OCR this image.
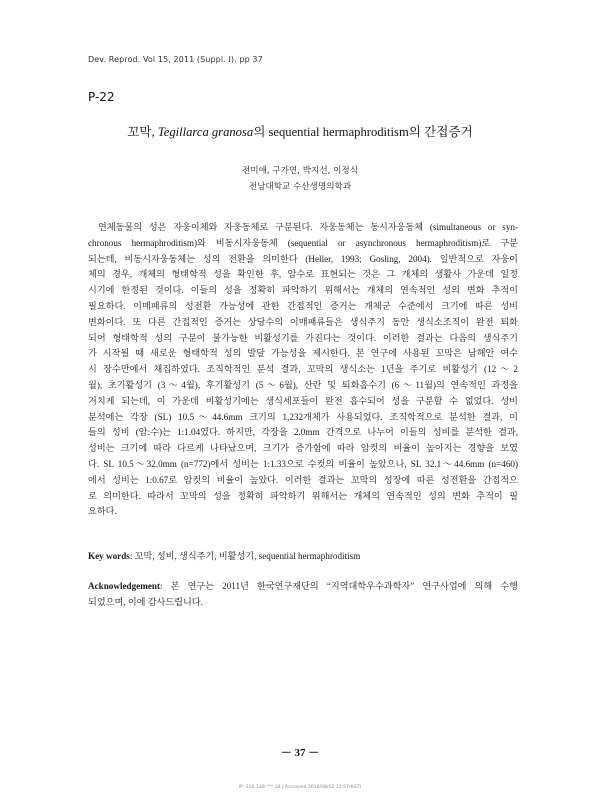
Dev. Reprod. Vol 15, 2011 (Suppl. I). pp 37
P-22
꼬막, Tegillarca granosa의 sequential hermaphroditism의 간접증거
전미애, 구가연, 박지선, 이정식
전남대학교 수산생명의학과
연체동물의 성은 자웅이체와 자웅동체로 구분된다. 자웅동체는 동시자웅동체 (simultaneous or syn-
chronous hermaphroditism)와 비동시자웅동체 (sequential or asynchronous hermaphroditism)로 구분
되는데, 비동시자웅동체는 성의 전환을 의미한다 (Heller, 1993; Gosling, 2004). 일반적으로 자웅이
체의 경우, 개체의 형태학적 성을 확인한 후, 암수로 표현되는 것은 그 개체의 생활사 가운데 일정
시기에 한정된 것이다. 이들의 성을 정확히 파악하기 위해서는 개체의 연속적인 성의 변화 추적이
필요하다. 이매패류의 성전환 가능성에 관한 간접적인 증거는 개체군 수준에서 크기에 따른 성비
변화이다. 또 다른 간접적인 증거는 상당수의 이매패류들은 생식주기 동안 생식소조직이 완전 퇴화
되어 형태학적 성의 구분이 불가능한 비활성기를 가진다는 것이다. 이러한 결과는 다음의 생식주기
가 시작될 때 새로운 형태학적 성의 발달 가능성을 제시한다. 본 연구에 사용된 꼬막은 남해안 여수
시 장수만에서 채집하였다. 조직학적인 분석 결과, 꼬막의 생식소는 1년을 주기로 비활성기 (12～2
월), 초기활성기 (3～4월), 후기활성기 (5～6월), 산란 및 퇴화흡수기 (6～11월)의 연속적인 과정을
거치게 되는데, 이 가운데 비활성기에는 생식세포들이 완전 흡수되어 성을 구분할 수 없었다. 성비
분석에는 각장 (SL) 10.5～44.6mm 크기의 1,232개체가 사용되었다. 조직학적으로 분석한 결과, 이
들의 성비 (암:수)는 1:1.04였다. 하지만, 각장을 2.0mm 간격으로 나누어 이들의 성비를 분석한 결과,
성비는 크기에 따라 다르게 나타났으며, 크기가 증가함에 따라 암컷의 비율이 높아지는 경향을 보였
다. SL 10.5～32.0mm (n=772)에서 성비는 1:1.33으로 수컷의 비율이 높았으나, SL 32.1～44.6mm (n=460)
에서 성비는 1:0.67로 암컷의 비율이 높았다. 이러한 결과는 꼬막의 성장에 따른 성전환을 간접적으
로 의미한다. 따라서 꼬막의 성을 정확히 파악하기 위해서는 개체의 연속적인 성의 변화 추적이 필
요하다.
Key words: 꼬막, 성비, 생식주기, 비활성기, sequential hermaphroditism
Acknowledgement: 본 연구는 2011년 한국연구재단의 “지역대학우수과학자” 연구사업에 의해 수행
되었으며, 이에 감사드립니다.
－ 37 －
IP: 220.149.***.10 | Accessed 2018/08/02 11:57(KST)
